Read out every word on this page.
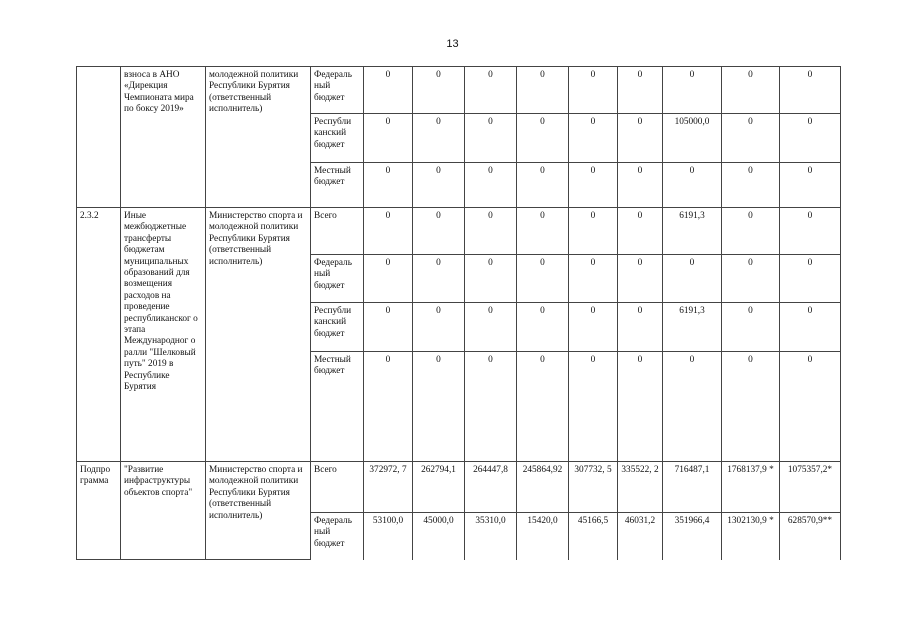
13
	взноса в АНО «Дирекция Чемпионата мира по боксу 2019»	молодежной политики Республики Бурятия (ответственный исполнитель)	Федераль ный бюджет	0	0	0	0	0	0	0	0	0
			Республи канский бюджет	0	0	0	0	0	0	105000,0	0	0
			Местный бюджет	0	0	0	0	0	0	0	0	0
2.3.2	Иные межбюджетные трансферты бюджетам муниципальных образований для возмещения расходов на проведение республиканског о этапа Международног о ралли "Шелковый путь" 2019 в Республике Бурятия	Министерство спорта и молодежной политики Республики Бурятия (ответственный исполнитель)	Всего	0	0	0	0	0	0	6191,3	0	0
			Федераль ный бюджет	0	0	0	0	0	0	0	0	0
			Республи канский бюджет	0	0	0	0	0	0	6191,3	0	0
			Местный бюджет	0	0	0	0	0	0	0	0	0
Подпро грамма	"Развитие инфраструктуры объектов спорта"	Министерство спорта и молодежной политики Республики Бурятия (ответственный исполнитель)	Всего	372972, 7	262794,1	264447,8	245864,92	307732, 5	335522, 2	716487,1	1768137,9 *	1075357,2*
			Федераль ный бюджет	53100,0	45000,0	35310,0	15420,0	45166,5	46031,2	351966,4	1302130,9 *	628570,9**
